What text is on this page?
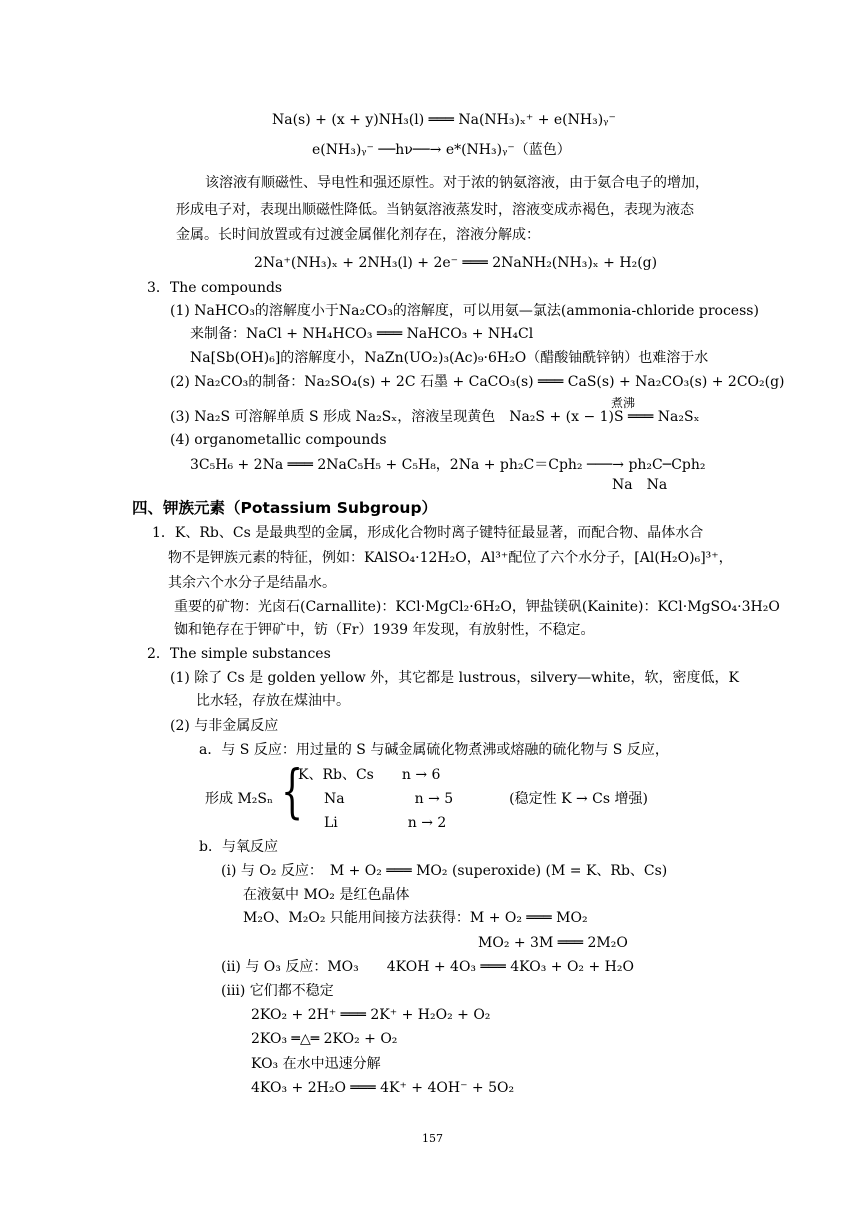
Na(s) + (x + y)NH₃(l) ═══ Na(NH₃)ₓ⁺ + e(NH₃)ᵧ⁻
e(NH₃)ᵧ⁻ ──hν──→ e*(NH₃)ᵧ⁻（蓝色）
该溶液有顺磁性、导电性和强还原性。对于浓的钠氨溶液，由于氨合电子的增加，
形成电子对，表现出顺磁性降低。当钠氨溶液蒸发时，溶液变成赤褐色，表现为液态
金属。长时间放置或有过渡金属催化剂存在，溶液分解成：
2Na⁺(NH₃)ₓ + 2NH₃(l) + 2e⁻ ═══ 2NaNH₂(NH₃)ₓ + H₂(g)
3．The compounds
(1) NaHCO₃的溶解度小于Na₂CO₃的溶解度，可以用氨—氯法(ammonia-chloride process)
来制备：NaCl + NH₄HCO₃ ═══ NaHCO₃ + NH₄Cl
Na[Sb(OH)₆]的溶解度小，NaZn(UO₂)₃(Ac)₉·6H₂O（醋酸铀酰锌钠）也难溶于水
(2) Na₂CO₃的制备：Na₂SO₄(s) + 2C 石墨 + CaCO₃(s) ═══ CaS(s) + Na₂CO₃(s) + 2CO₂(g)
煮沸
(3) Na₂S 可溶解单质 S 形成 Na₂Sₓ，溶液呈现黄色　Na₂S + (x − 1)S ═══ Na₂Sₓ
(4) organometallic compounds
3C₅H₆ + 2Na ═══ 2NaC₅H₅ + C₅H₈，2Na + ph₂C＝Cph₂ ───→ ph₂C─Cph₂
Na　Na
四、钾族元素（Potassium Subgroup）
1．K、Rb、Cs 是最典型的金属，形成化合物时离子键特征最显著，而配合物、晶体水合
物不是钾族元素的特征，例如：KAlSO₄·12H₂O，Al³⁺配位了六个水分子，[Al(H₂O)₆]³⁺，
其余六个水分子是结晶水。
重要的矿物：光卤石(Carnallite)：KCl·MgCl₂·6H₂O，钾盐镁矾(Kainite)：KCl·MgSO₄·3H₂O
铷和铯存在于钾矿中，钫（Fr）1939 年发现，有放射性，不稳定。
2．The simple substances
(1) 除了 Cs 是 golden yellow 外，其它都是 lustrous，silvery—white，软，密度低，K
比水轻，存放在煤油中。
(2) 与非金属反应
a．与 S 反应：用过量的 S 与碱金属硫化物煮沸或熔融的硫化物与 S 反应，
K、Rb、Cs　　n → 6
形成 M₂Sₙ { Na　　　　　n → 5　　　　(稳定性 K → Cs 增强)
Li　　　　　n → 2
b．与氧反应
(i) 与 O₂ 反应：　M + O₂ ═══ MO₂ (superoxide) (M = K、Rb、Cs)
在液氨中 MO₂ 是红色晶体
M₂O、M₂O₂ 只能用间接方法获得：M + O₂ ═══ MO₂
MO₂ + 3M ═══ 2M₂O
(ii) 与 O₃ 反应：MO₃　　4KOH + 4O₃ ═══ 4KO₃ + O₂ + H₂O
(iii) 它们都不稳定
2KO₂ + 2H⁺ ═══ 2K⁺ + H₂O₂ + O₂
2KO₃ ═△═ 2KO₂ + O₂
KO₃ 在水中迅速分解
4KO₃ + 2H₂O ═══ 4K⁺ + 4OH⁻ + 5O₂
157
